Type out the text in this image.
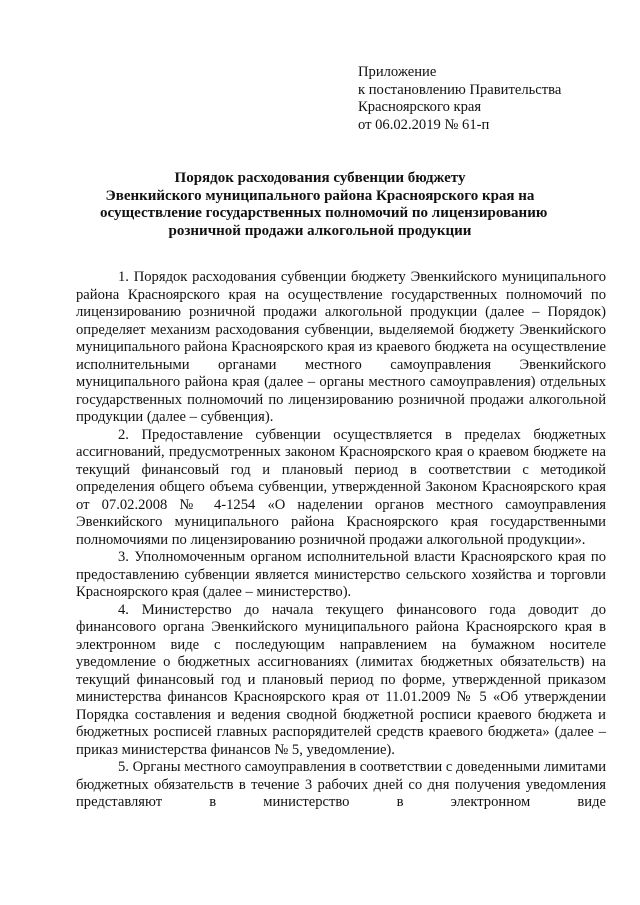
Приложение
к постановлению Правительства
Красноярского края
от 06.02.2019 № 61-п
Порядок расходования субвенции бюджету
Эвенкийского муниципального района Красноярского края на
осуществление государственных полномочий по лицензированию
розничной продажи алкогольной продукции

1. Порядок расходования субвенции бюджету Эвенкийского муниципального района Красноярского края на осуществление государственных полномочий по лицензированию розничной продажи алкогольной продукции (далее – Порядок) определяет механизм расходования субвенции, выделяемой бюджету Эвенкийского муниципального района Красноярского края из краевого бюджета на осуществление исполнительными органами местного самоуправления Эвенкийского муниципального района края (далее – органы местного самоуправления) отдельных государственных полномочий по лицензированию розничной продажи алкогольной продукции (далее – субвенция).

2. Предоставление субвенции осуществляется в пределах бюджетных ассигнований, предусмотренных законом Красноярского края о краевом бюджете на текущий финансовый год и плановый период в соответствии с методикой определения общего объема субвенции, утвержденной Законом Красноярского края от 07.02.2008 № 4-1254 «О наделении органов местного самоуправления Эвенкийского муниципального района Красноярского края государственными полномочиями по лицензированию розничной продажи алкогольной продукции».

3. Уполномоченным органом исполнительной власти Красноярского края по предоставлению субвенции является министерство сельского хозяйства и торговли Красноярского края (далее – министерство).

4. Министерство до начала текущего финансового года доводит до финансового органа Эвенкийского муниципального района Красноярского края в электронном виде с последующим направлением на бумажном носителе уведомление о бюджетных ассигнованиях (лимитах бюджетных обязательств) на текущий финансовый год и плановый период по форме, утвержденной приказом министерства финансов Красноярского края от 11.01.2009 № 5 «Об утверждении Порядка составления и ведения сводной бюджетной росписи краевого бюджета и бюджетных росписей главных распорядителей средств краевого бюджета» (далее – приказ министерства финансов № 5, уведомление).

5. Органы местного самоуправления в соответствии с доведенными лимитами бюджетных обязательств в течение 3 рабочих дней со дня получения уведомления представляют в министерство в электронном виде
